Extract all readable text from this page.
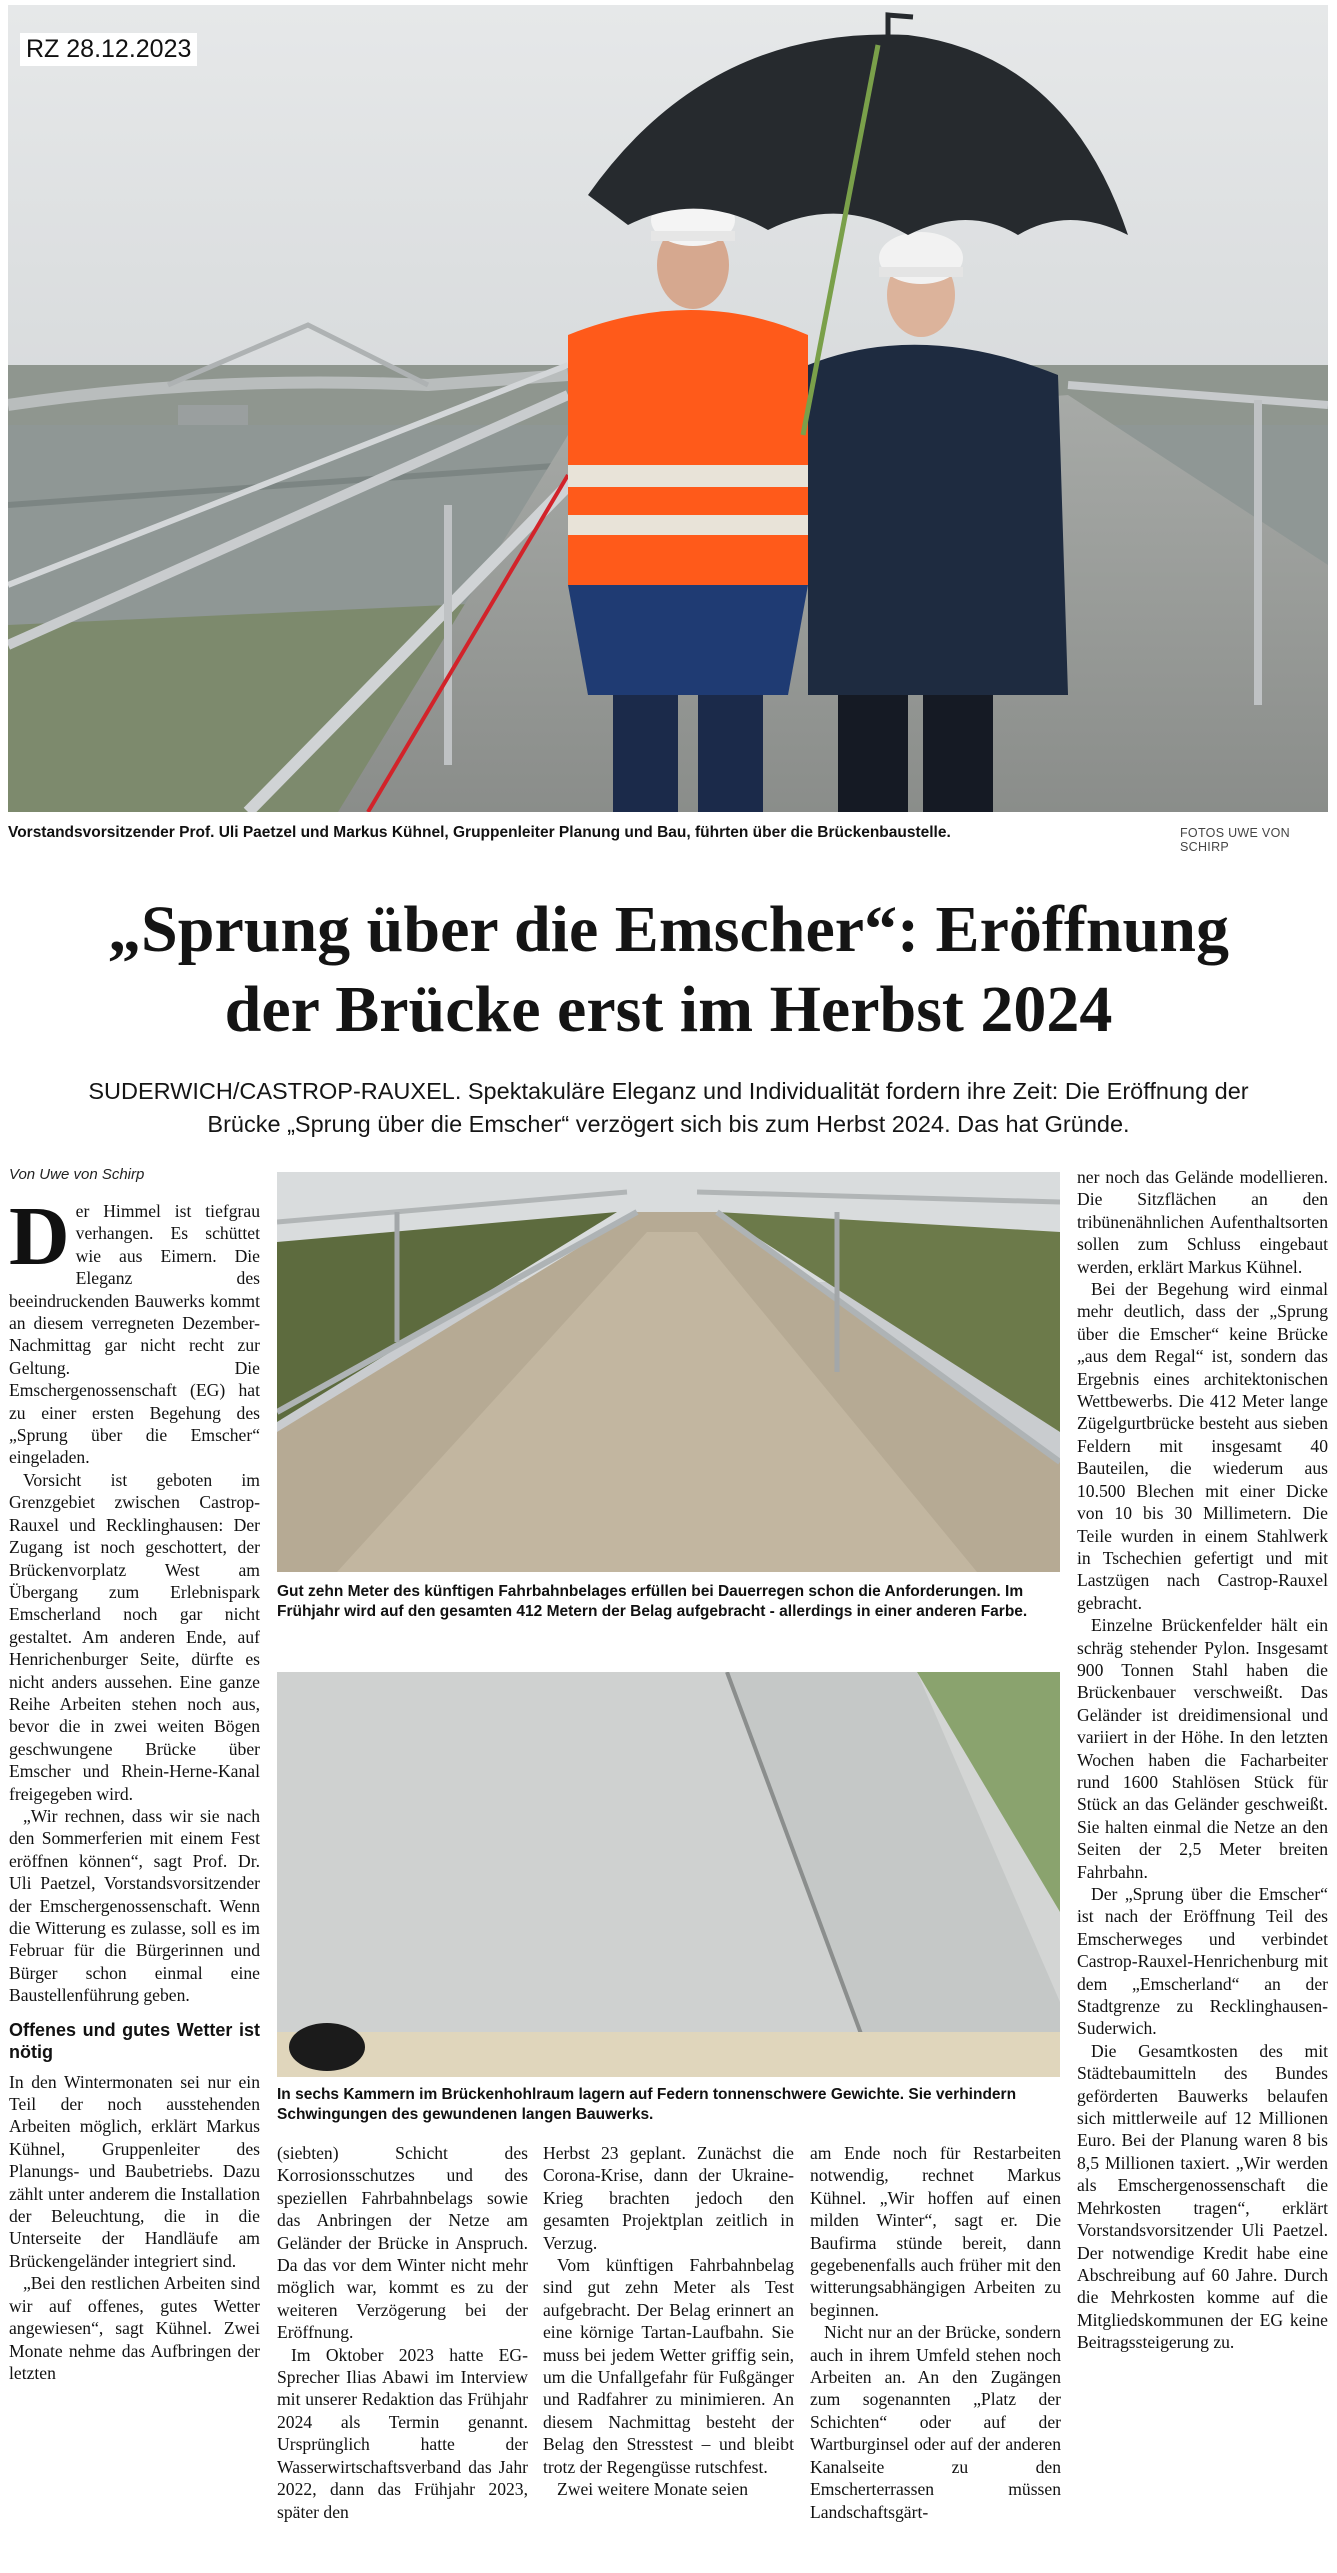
RZ 28.12.2023
Vorstandsvorsitzender Prof. Uli Paetzel und Markus Kühnel, Gruppenleiter Planung und Bau, führten über die Brückenbaustelle.	FOTOS UWE VON SCHIRP
„Sprung über die Emscher“: Eröffnung
der Brücke erst im Herbst 2024
SUDERWICH/CASTROP-RAUXEL. Spektakuläre Eleganz und Individualität fordern ihre Zeit: Die Eröffnung der
Brücke „Sprung über die Emscher“ verzögert sich bis zum Herbst 2024. Das hat Gründe.
Von Uwe von Schirp
D er Himmel ist tiefgrau verhangen. Es schüttet wie aus Eimern. Die Eleganz des beeindruckenden Bauwerks kommt an diesem verregneten Dezember-Nachmittag gar nicht recht zur Geltung. Die Emschergenossenschaft (EG) hat zu einer ersten Begehung des „Sprung über die Emscher“ eingeladen.

Vorsicht ist geboten im Grenzgebiet zwischen Castrop-Rauxel und Recklinghausen: Der Zugang ist noch geschottert, der Brückenvorplatz West am Übergang zum Erlebnispark Emscherland noch gar nicht gestaltet. Am anderen Ende, auf Henrichenburger Seite, dürfte es nicht anders aussehen. Eine ganze Reihe Arbeiten stehen noch aus, bevor die in zwei weiten Bögen geschwungene Brücke über Emscher und Rhein-Herne-Kanal freigegeben wird.

„Wir rechnen, dass wir sie nach den Sommerferien mit einem Fest eröffnen können“, sagt Prof. Dr. Uli Paetzel, Vorstandsvorsitzender der Emschergenossenschaft. Wenn die Witterung es zulasse, soll es im Februar für die Bürgerinnen und Bürger schon einmal eine Baustellenführung geben.

Offenes und gutes Wetter ist nötig

In den Wintermonaten sei nur ein Teil der noch ausstehenden Arbeiten möglich, erklärt Markus Kühnel, Gruppenleiter des Planungs- und Baubetriebs. Dazu zählt unter anderem die Installation der Beleuchtung, die in die Unterseite der Handläufe am Brückengeländer integriert sind.

„Bei den restlichen Arbeiten sind wir auf offenes, gutes Wetter angewiesen“, sagt Kühnel. Zwei Monate nehme das Aufbringen der letzten

Gut zehn Meter des künftigen Fahrbahnbelages erfüllen bei Dauerregen schon die Anforderungen. Im Frühjahr wird auf den gesamten 412 Metern der Belag aufgebracht - allerdings in einer anderen Farbe.
In sechs Kammern im Brückenhohlraum lagern auf Federn tonnenschwere Gewichte. Sie verhindern Schwingungen des gewundenen langen Bauwerks.

(siebten) Schicht des Korrosionsschutzes und des speziellen Fahrbahnbelags sowie das Anbringen der Netze am Geländer der Brücke in Anspruch. Da das vor dem Winter nicht mehr möglich war, kommt es zu der weiteren Verzögerung bei der Eröffnung.

Im Oktober 2023 hatte EG-Sprecher Ilias Abawi im Interview mit unserer Redaktion das Frühjahr 2024 als Termin genannt. Ursprünglich hatte der Wasserwirtschaftsverband das Jahr 2022, dann das Frühjahr 2023, später den

Herbst 23 geplant. Zunächst die Corona-Krise, dann der Ukraine-Krieg brachten jedoch den gesamten Projektplan zeitlich in Verzug.

Vom künftigen Fahrbahnbelag sind gut zehn Meter als Test aufgebracht. Der Belag erinnert an eine körnige Tartan-Laufbahn. Sie muss bei jedem Wetter griffig sein, um die Unfallgefahr für Fußgänger und Radfahrer zu minimieren. An diesem Nachmittag besteht der Belag den Stresstest – und bleibt trotz der Regengüsse rutschfest.

Zwei weitere Monate seien

am Ende noch für Restarbeiten notwendig, rechnet Markus Kühnel. „Wir hoffen auf einen milden Winter“, sagt er. Die Baufirma stünde bereit, dann gegebenenfalls auch früher mit den witterungsabhängigen Arbeiten zu beginnen.

Nicht nur an der Brücke, sondern auch in ihrem Umfeld stehen noch Arbeiten an. An den Zugängen zum sogenannten „Platz der Schichten“ oder auf der Wartburginsel oder auf der anderen Kanalseite zu den Emscherterrassen müssen Landschaftsgärt-

ner noch das Gelände modellieren. Die Sitzflächen an den tribünenähnlichen Aufenthaltsorten sollen zum Schluss eingebaut werden, erklärt Markus Kühnel.

Bei der Begehung wird einmal mehr deutlich, dass der „Sprung über die Emscher“ keine Brücke „aus dem Regal“ ist, sondern das Ergebnis eines architektonischen Wettbewerbs. Die 412 Meter lange Zügelgurtbrücke besteht aus sieben Feldern mit insgesamt 40 Bauteilen, die wiederum aus 10.500 Blechen mit einer Dicke von 10 bis 30 Millimetern. Die Teile wurden in einem Stahlwerk in Tschechien gefertigt und mit Lastzügen nach Castrop-Rauxel gebracht.

Einzelne Brückenfelder hält ein schräg stehender Pylon. Insgesamt 900 Tonnen Stahl haben die Brückenbauer verschweißt. Das Geländer ist dreidimensional und variiert in der Höhe. In den letzten Wochen haben die Facharbeiter rund 1600 Stahlösen Stück für Stück an das Geländer geschweißt. Sie halten einmal die Netze an den Seiten der 2,5 Meter breiten Fahrbahn.

Der „Sprung über die Emscher“ ist nach der Eröffnung Teil des Emscherweges und verbindet Castrop-Rauxel-Henrichenburg mit dem „Emscherland“ an der Stadtgrenze zu Recklinghausen-Suderwich.

Die Gesamtkosten des mit Städtebaumitteln des Bundes geförderten Bauwerks belaufen sich mittlerweile auf 12 Millionen Euro. Bei der Planung waren 8 bis 8,5 Millionen taxiert. „Wir werden als Emschergenossenschaft die Mehrkosten tragen“, erklärt Vorstandsvorsitzender Uli Paetzel. Der notwendige Kredit habe eine Abschreibung auf 60 Jahre. Durch die Mehrkosten komme auf die Mitgliedskommunen der EG keine Beitragssteigerung zu.
